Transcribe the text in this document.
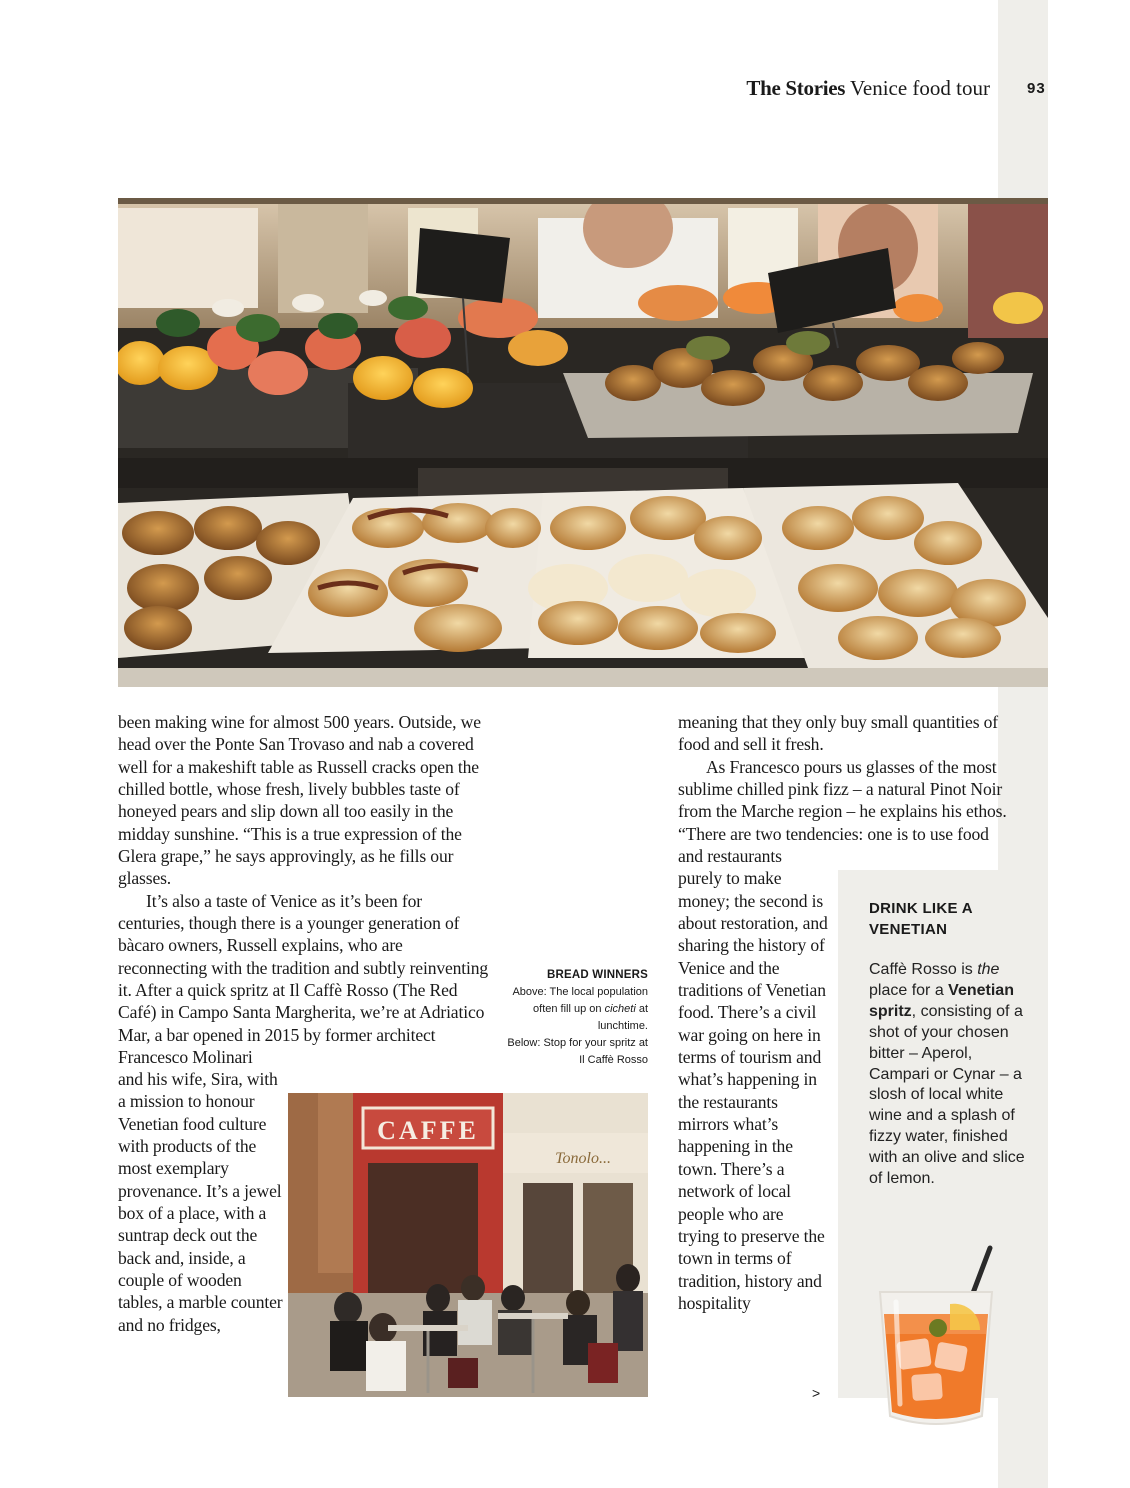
The Stories Venice food tour 93

been making wine for almost 500 years. Outside, we head over the Ponte San Trovaso and nab a covered well for a makeshift table as Russell cracks open the chilled bottle, whose fresh, lively bubbles taste of honeyed pears and slip down all too easily in the midday sunshine. “This is a true expression of the Glera grape,” he says approvingly, as he fills our glasses.

It’s also a taste of Venice as it’s been for centuries, though there is a younger generation of bàcaro owners, Russell explains, who are reconnecting with the tradition and subtly reinventing it. After a quick spritz at Il Caffè Rosso (The Red Café) in Campo Santa Margherita, we’re at Adriatico Mar, a bar opened in 2015 by former architect Francesco Molinari

and his wife, Sira, with a mission to honour Venetian food culture with products of the most exemplary provenance. It’s a jewel box of a place, with a suntrap deck out the back and, inside, a couple of wooden tables, a marble counter and no fridges,

BREAD WINNERS
Above: The local population often fill up on cicheti at lunchtime.
Below: Stop for your spritz at Il Caffè Rosso
CAFFE
Tonolo...

meaning that they only buy small quantities of food and sell it fresh.

As Francesco pours us glasses of the most sublime chilled pink fizz – a natural Pinot Noir from the Marche region – he explains his ethos. “There are two tendencies: one is to use food

and restaurants purely to make money; the second is about restoration, and sharing the history of Venice and the traditions of Venetian food. There’s a civil war going on here in terms of tourism and what’s happening in the restaurants mirrors what’s happening in the town. There’s a network of local people who are trying to preserve the town in terms of tradition, history and hospitality

>
DRINK LIKE A VENETIAN
Caffè Rosso is the place for a Venetian spritz, consisting of a shot of your chosen bitter – Aperol, Campari or Cynar – a slosh of local white wine and a splash of fizzy water, finished with an olive and slice of lemon.
